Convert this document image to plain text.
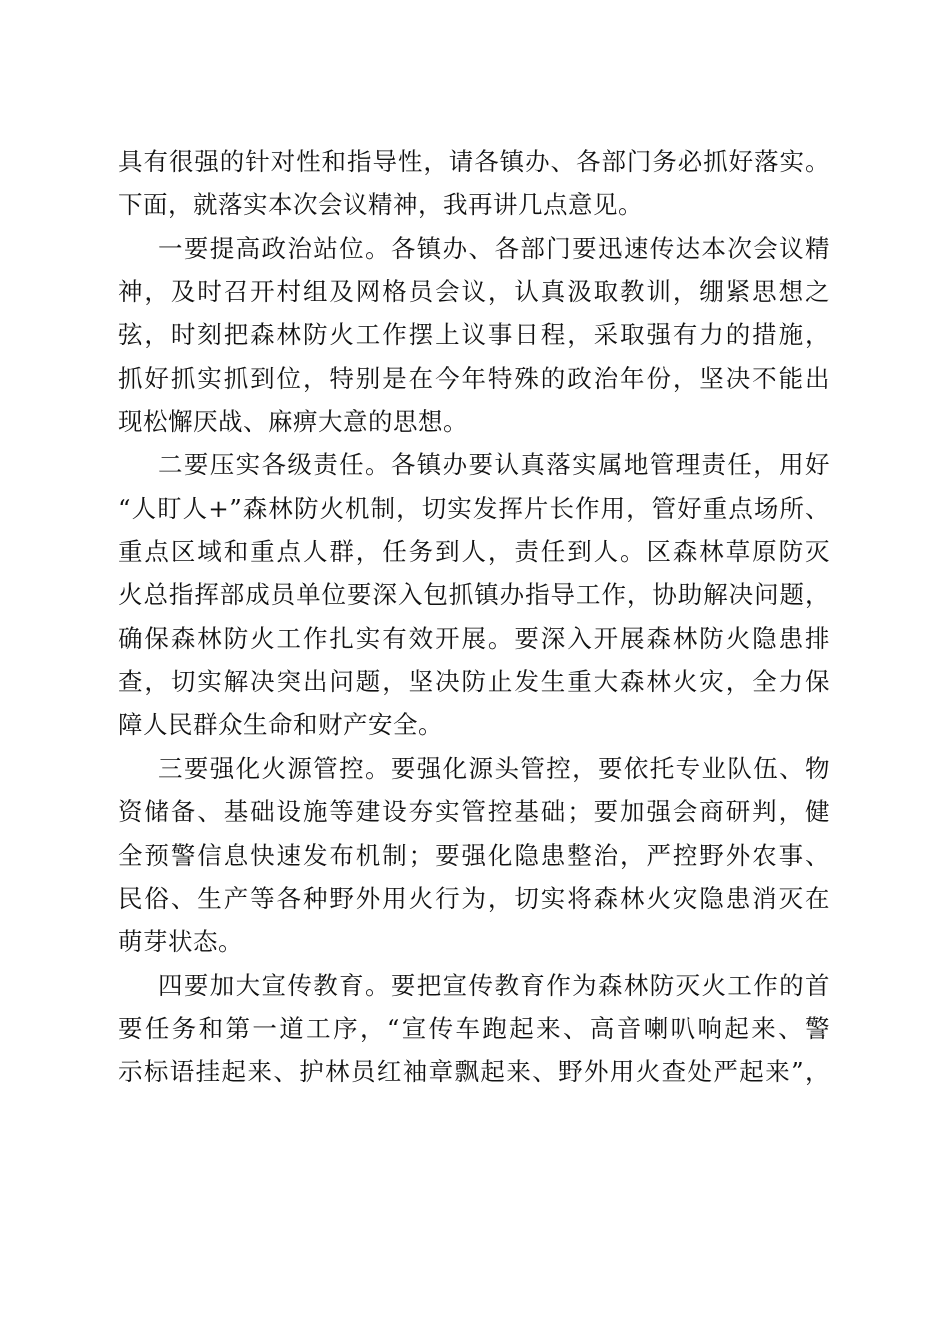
具有很强的针对性和指导性，请各镇办、各部门务必抓好落实。
下面，就落实本次会议精神，我再讲几点意见。
一要提高政治站位。各镇办、各部门要迅速传达本次会议精
神，及时召开村组及网格员会议，认真汲取教训，绷紧思想之
弦，时刻把森林防火工作摆上议事日程，采取强有力的措施，
抓好抓实抓到位，特别是在今年特殊的政治年份，坚决不能出
现松懈厌战、麻痹大意的思想。
二要压实各级责任。各镇办要认真落实属地管理责任，用好
“人盯人+”森林防火机制，切实发挥片长作用，管好重点场所、
重点区域和重点人群，任务到人，责任到人。区森林草原防灭
火总指挥部成员单位要深入包抓镇办指导工作，协助解决问题，
确保森林防火工作扎实有效开展。要深入开展森林防火隐患排
查，切实解决突出问题，坚决防止发生重大森林火灾，全力保
障人民群众生命和财产安全。
三要强化火源管控。要强化源头管控，要依托专业队伍、物
资储备、基础设施等建设夯实管控基础；要加强会商研判，健
全预警信息快速发布机制；要强化隐患整治，严控野外农事、
民俗、生产等各种野外用火行为，切实将森林火灾隐患消灭在
萌芽状态。
四要加大宣传教育。要把宣传教育作为森林防灭火工作的首
要任务和第一道工序，“宣传车跑起来、高音喇叭响起来、警
示标语挂起来、护林员红袖章飘起来、野外用火查处严起来”，
